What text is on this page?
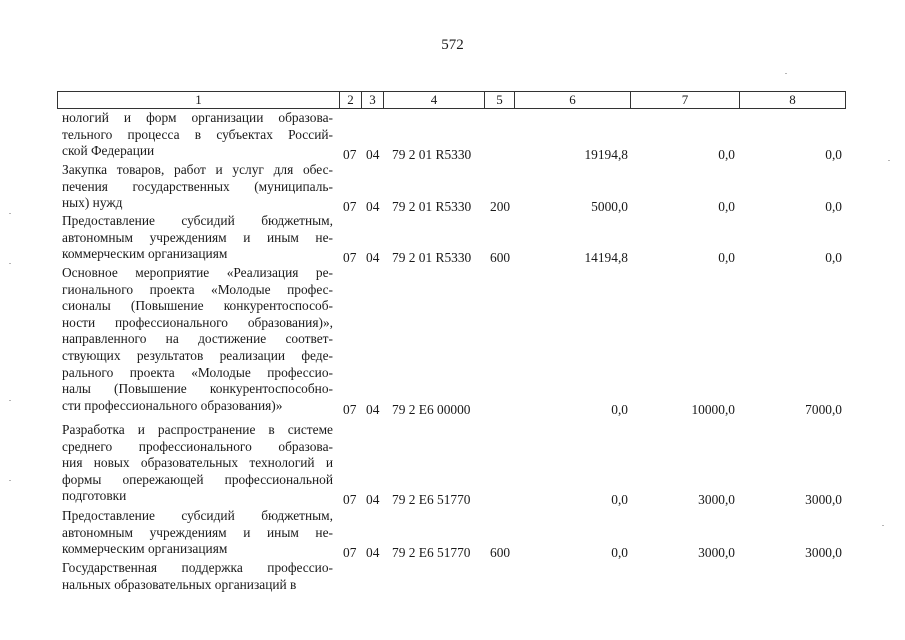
572
1	2	3	4	5	6	7	8
нологий и форм организации образова-
тельного процесса в субъектах Россий-
ской Федерации	07 04 79 2 01 R5330	19194,8	0,0	0,0
Закупка товаров, работ и услуг для обес-
печения государственных (муниципаль-
ных) нужд	07 04 79 2 01 R5330 200	5000,0	0,0	0,0
Предоставление субсидий бюджетным,
автономным учреждениям и иным не-
коммерческим организациям	07 04 79 2 01 R5330 600	14194,8	0,0	0,0
Основное мероприятие «Реализация ре-
гионального проекта «Молодые профес-
сионалы (Повышение конкурентоспособ-
ности профессионального образования)»,
направленного на достижение соответ-
ствующих результатов реализации феде-
рального проекта «Молодые профессио-
налы (Повышение конкурентоспособно-
сти профессионального образования)»	07 04 79 2 E6 00000	0,0	10000,0	7000,0
Разработка и распространение в системе
среднего профессионального образова-
ния новых образовательных технологий и
формы опережающей профессиональной
подготовки	07 04 79 2 E6 51770	0,0	3000,0	3000,0
Предоставление субсидий бюджетным,
автономным учреждениям и иным не-
коммерческим организациям	07 04 79 2 E6 51770 600	0,0	3000,0	3000,0
Государственная поддержка профессио-
нальных образовательных организаций в
